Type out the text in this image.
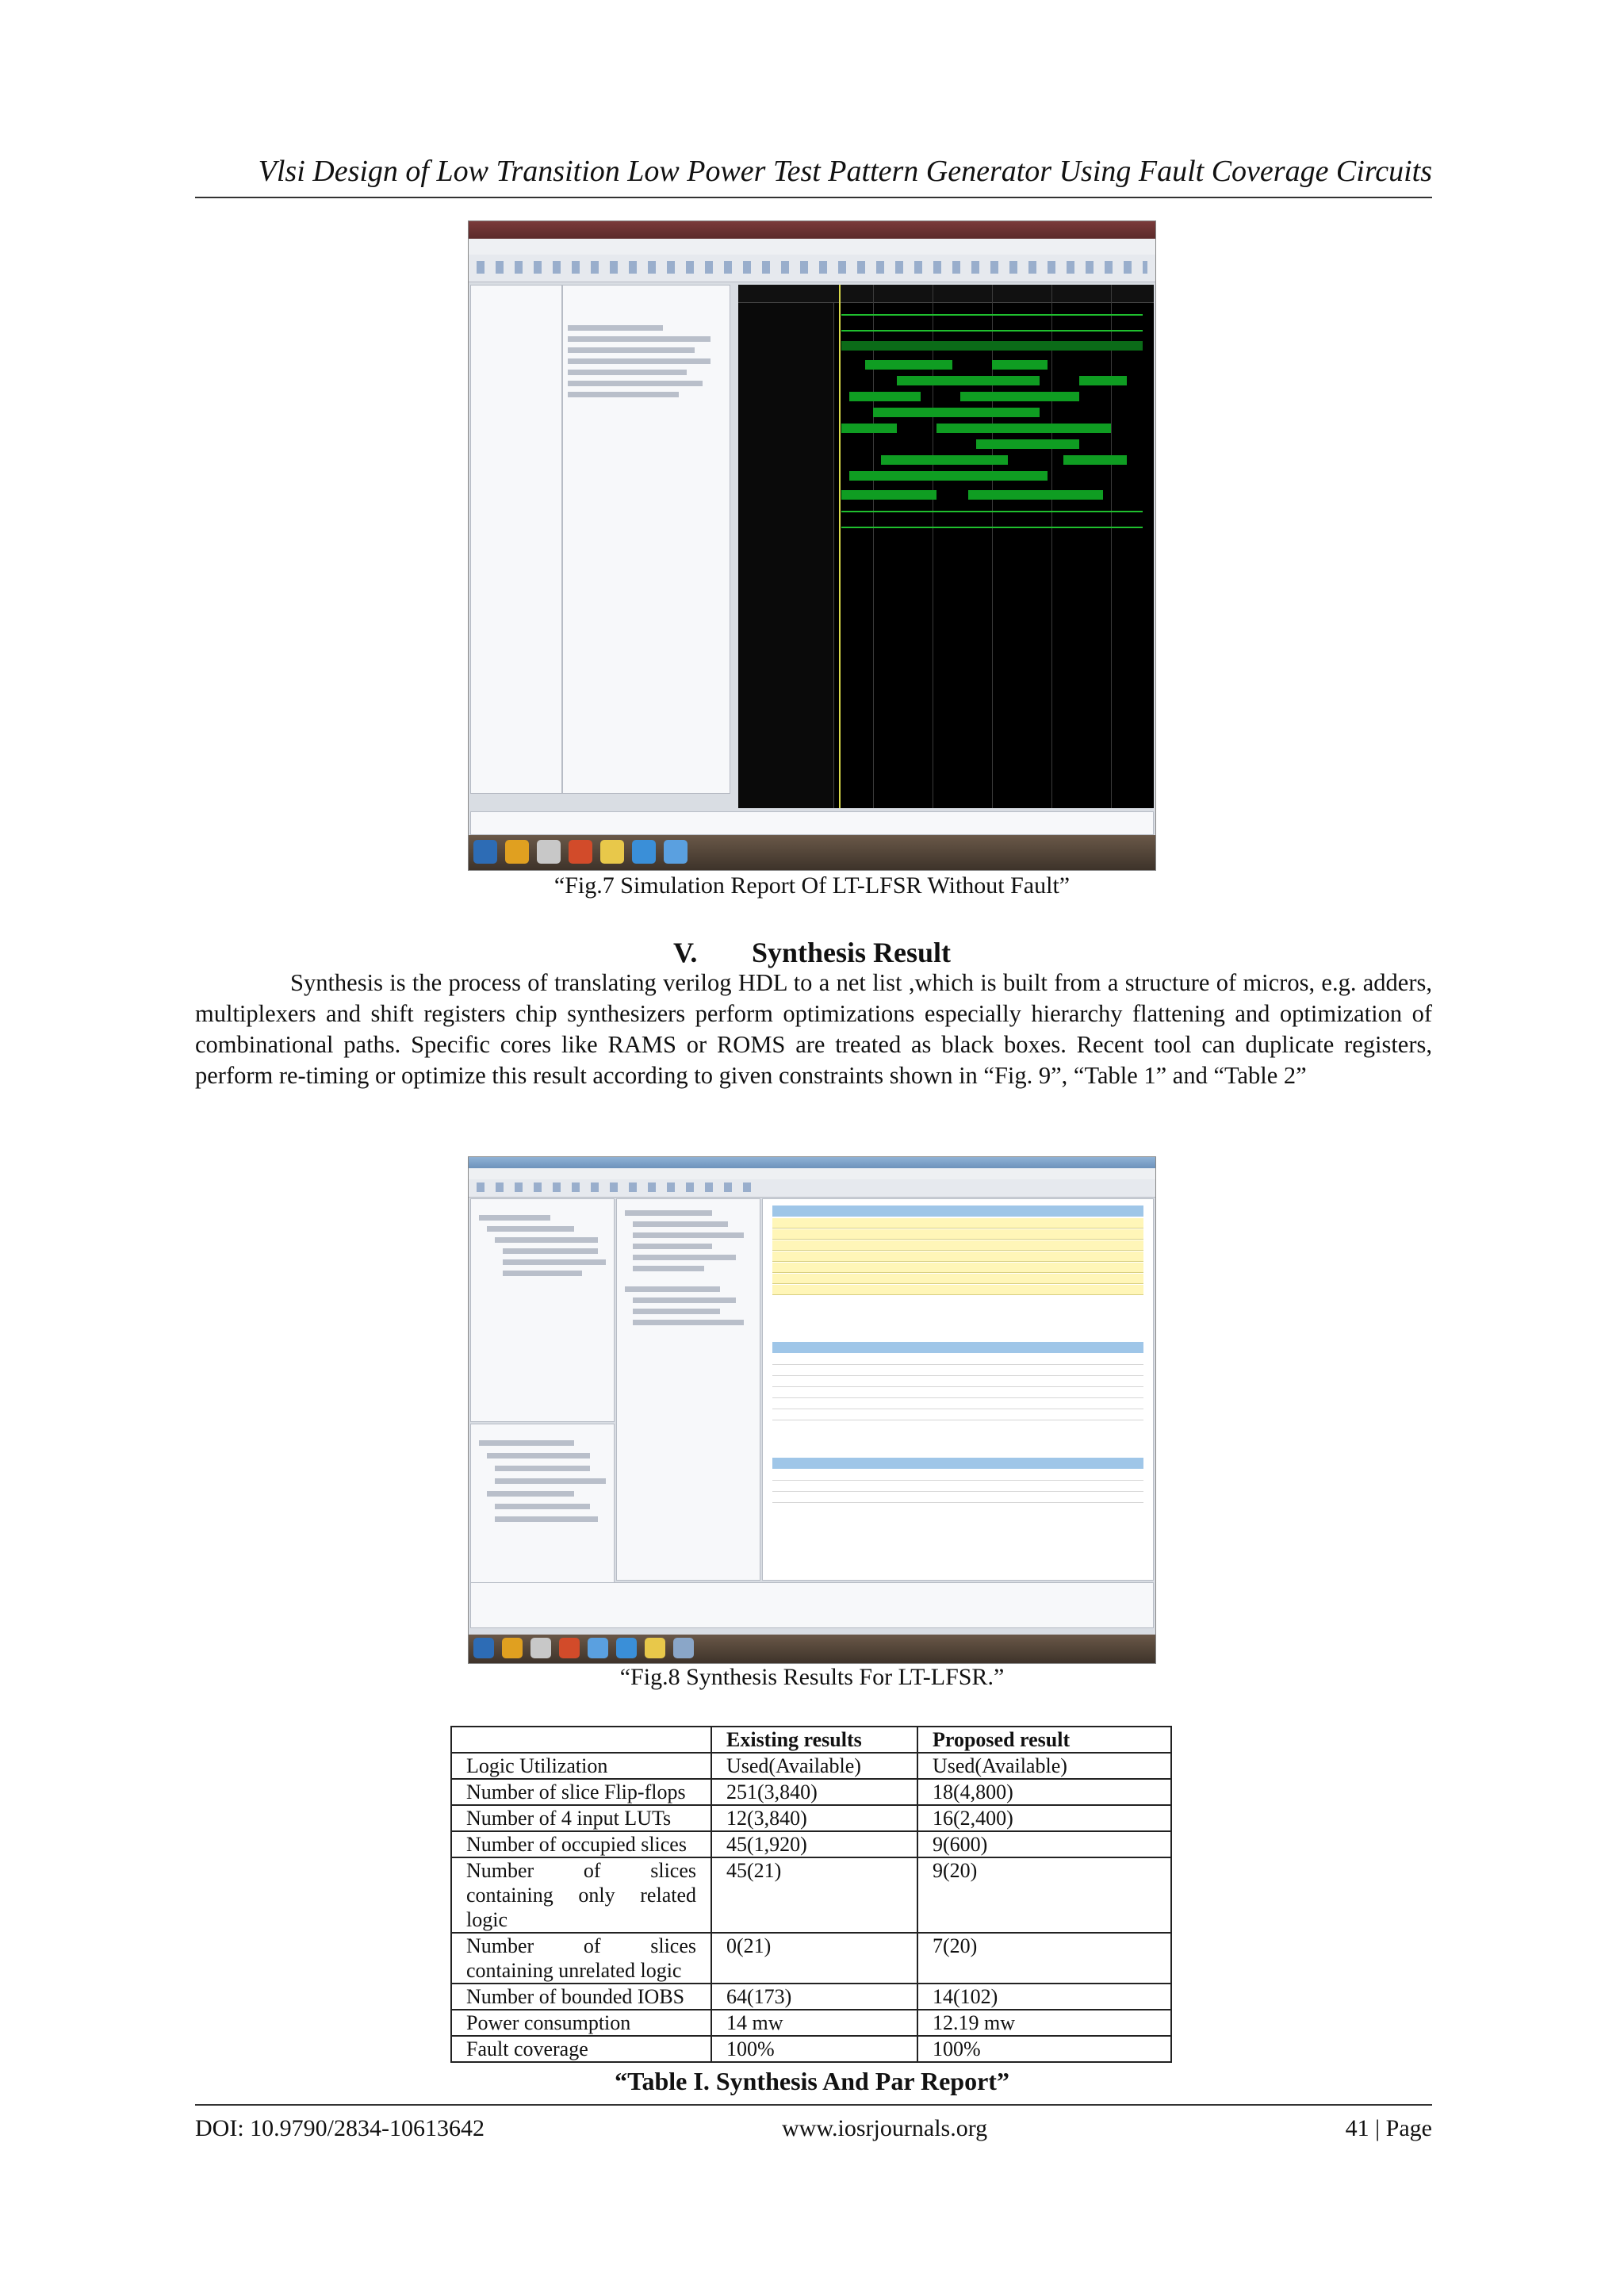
Vlsi Design of Low Transition Low Power Test Pattern Generator Using Fault Coverage Circuits
“Fig.7 Simulation Report Of LT-LFSR Without Fault”
V. Synthesis Result
Synthesis is the process of translating verilog HDL to a net list ,which is built from a structure of micros, e.g. adders, multiplexers and shift registers chip synthesizers perform optimizations especially hierarchy flattening and optimization of combinational paths. Specific cores like RAMS or ROMS are treated as black boxes. Recent tool can duplicate registers, perform re-timing or optimize this result according to given constraints shown in “Fig. 9”, “Table 1” and “Table 2”
“Fig.8 Synthesis Results For LT-LFSR.”
	Existing results	Proposed result
Logic Utilization	Used(Available)	Used(Available)
Number of slice Flip-flops	251(3,840)	18(4,800)
Number of 4 input LUTs	12(3,840)	16(2,400)
Number of occupied slices	45(1,920)	9(600)
Number of slices containing only related logic	45(21)	9(20)
Number of slices containing unrelated logic	0(21)	7(20)
Number of bounded IOBS	64(173)	14(102)
Power consumption	14 mw	12.19 mw
Fault coverage	100%	100%
“Table I. Synthesis And Par Report”
DOI: 10.9790/2834-10613642	www.iosrjournals.org	41 | Page
